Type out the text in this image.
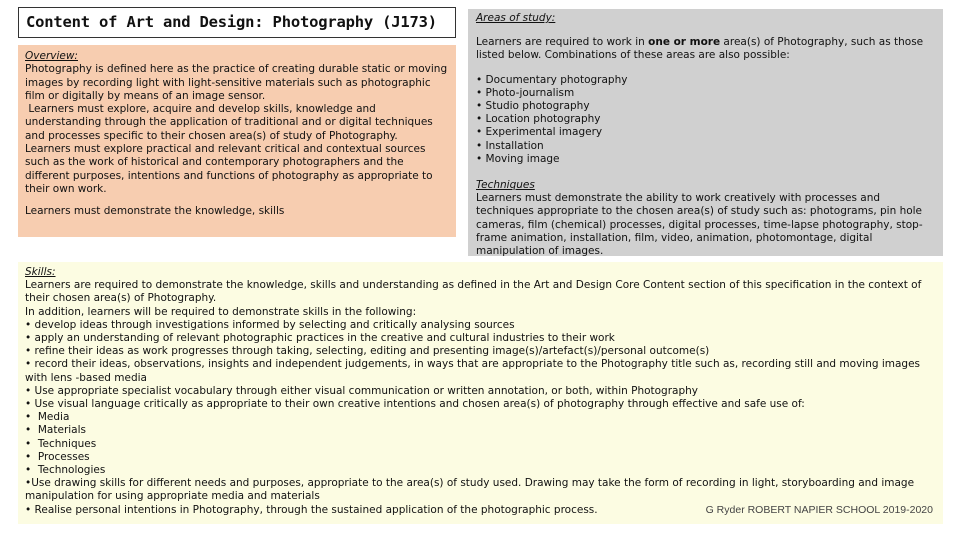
Content of Art and Design: Photography (J173)
Overview:
Photography is defined here as the practice of creating durable static or moving images by recording light with light-sensitive materials such as photographic film or digitally by means of an image sensor.
Learners must explore, acquire and develop skills, knowledge and understanding through the application of traditional and or digital techniques and processes specific to their chosen area(s) of study of Photography.
Learners must explore practical and relevant critical and contextual sources such as the work of historical and contemporary photographers and the different purposes, intentions and functions of photography as appropriate to their own work.
Learners must demonstrate the knowledge, skills
Areas of study:
Learners are required to work in one or more area(s) of Photography, such as those listed below. Combinations of these areas are also possible:
• Documentary photography
• Photo-journalism
• Studio photography
• Location photography
• Experimental imagery
• Installation
• Moving image
Techniques
Learners must demonstrate the ability to work creatively with processes and techniques appropriate to the chosen area(s) of study such as: photograms, pin hole cameras, film (chemical) processes, digital processes, time-lapse photography, stop-frame animation, installation, film, video, animation, photomontage, digital manipulation of images.
Skills:
Learners are required to demonstrate the knowledge, skills and understanding as defined in the Art and Design Core Content section of this specification in the context of their chosen area(s) of Photography.
In addition, learners will be required to demonstrate skills in the following:
• develop ideas through investigations informed by selecting and critically analysing sources
• apply an understanding of relevant photographic practices in the creative and cultural industries to their work
• refine their ideas as work progresses through taking, selecting, editing and presenting image(s)/artefact(s)/personal outcome(s)
• record their ideas, observations, insights and independent judgements, in ways that are appropriate to the Photography title such as, recording still and moving images with lens -based media
• Use appropriate specialist vocabulary through either visual communication or written annotation, or both, within Photography
• Use visual language critically as appropriate to their own creative intentions and chosen area(s) of photography through effective and safe use of:
•  Media
•  Materials
•  Techniques
•  Processes
•  Technologies
•Use drawing skills for different needs and purposes, appropriate to the area(s) of study used. Drawing may take the form of recording in light, storyboarding and image manipulation for using appropriate media and materials
• Realise personal intentions in Photography, through the sustained application of the photographic process.	G Ryder ROBERT NAPIER SCHOOL 2019-2020
